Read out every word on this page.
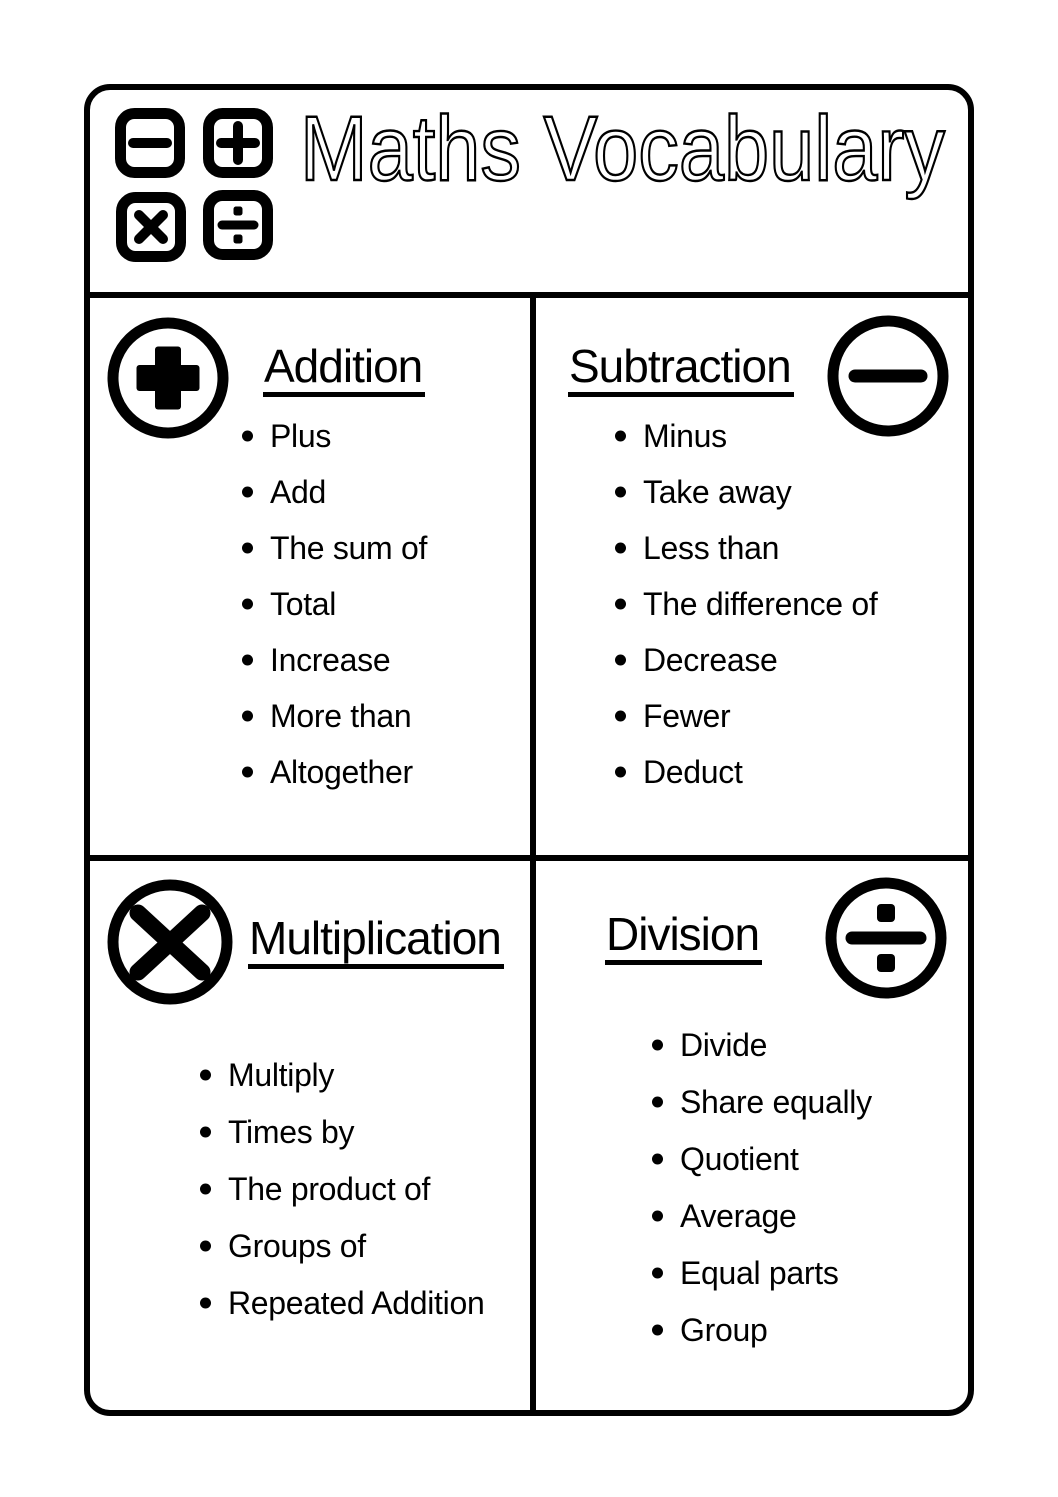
Maths Vocabulary
Addition
Plus
Add
The sum of
Total
Increase
More than
Altogether
Subtraction
Minus
Take away
Less than
The difference of
Decrease
Fewer
Deduct
Multiplication
Multiply
Times by
The product of
Groups of
Repeated Addition
Division
Divide
Share equally
Quotient
Average
Equal parts
Group
